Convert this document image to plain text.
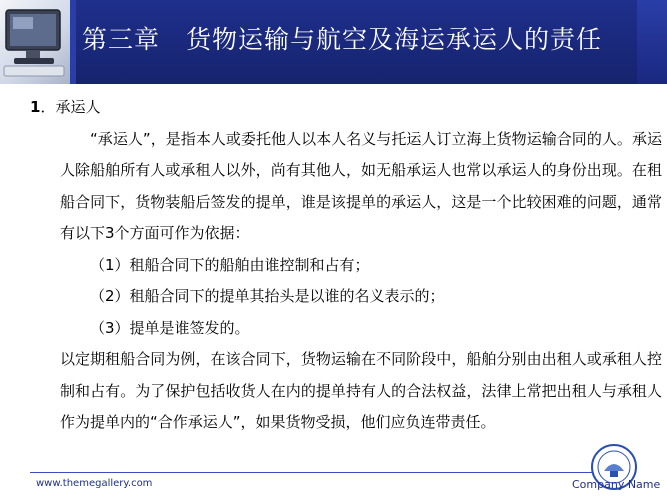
第三章　货物运输与航空及海运承运人的责任

1．承运人

“承运人”，是指本人或委托他人以本人名义与托运人订立海上货物运输合同的人。承运人除船舶所有人或承租人以外，尚有其他人，如无船承运人也常以承运人的身份出现。在租船合同下，货物装船后签发的提单，谁是该提单的承运人，这是一个比较困难的问题，通常有以下3个方面可作为依据：

（1）租船合同下的船舶由谁控制和占有；

（2）租船合同下的提单其抬头是以谁的名义表示的；

（3）提单是谁签发的。

以定期租船合同为例，在该合同下，货物运输在不同阶段中，船舶分别由出租人或承租人控制和占有。为了保护包括收货人在内的提单持有人的合法权益，法律上常把出租人与承租人作为提单内的“合作承运人”，如果货物受损，他们应负连带责任。

www.themegallery.com	Company Name
